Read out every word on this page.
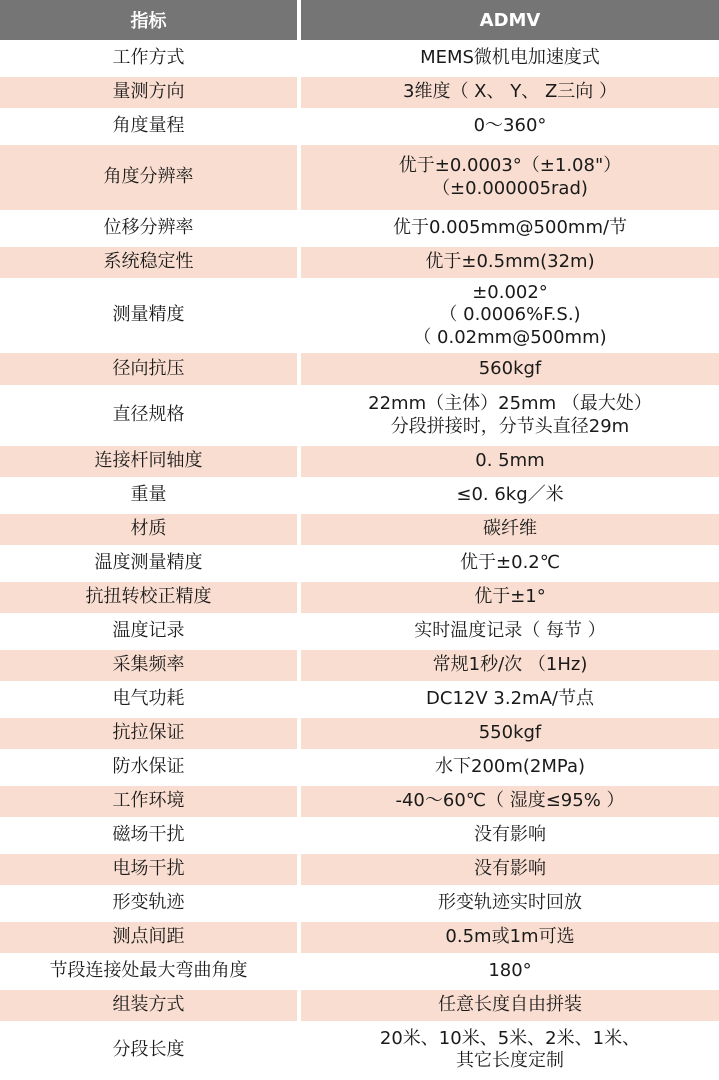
指标	ADMV
工作方式	MEMS微机电加速度式

量测方向	3维度（ X、 Y、 Z三向 ）

角度量程	0～360°

角度分辨率	优于±0.0003°（±1.08"）
（±0.000005rad)

位移分辨率	优于0.005mm@500mm/节

系统稳定性	优于±0.5mm(32m)

测量精度	±0.002°
（ 0.0006%F.S.)
（ 0.02mm@500mm)

径向抗压	560kgf

直径规格	22mm（主体）25mm （最大处）
分段拼接时，分节头直径29m

连接杆同轴度	0. 5mm

重量	≤0. 6kg／米

材质	碳纤维

温度测量精度	优于±0.2℃

抗扭转校正精度	优于±1°

温度记录	实时温度记录（ 每节 ）

采集频率	常规1秒/次 （1Hz)

电气功耗	DC12V 3.2mA/节点

抗拉保证	550kgf

防水保证	水下200m(2MPa)

工作环境	-40～60℃（ 湿度≤95% ）

磁场干扰	没有影响

电场干扰	没有影响

形变轨迹	形变轨迹实时回放

测点间距	0.5m或1m可选

节段连接处最大弯曲角度	180°

组装方式	任意长度自由拼装

分段长度	20米、10米、5米、2米、1米、
其它长度定制
